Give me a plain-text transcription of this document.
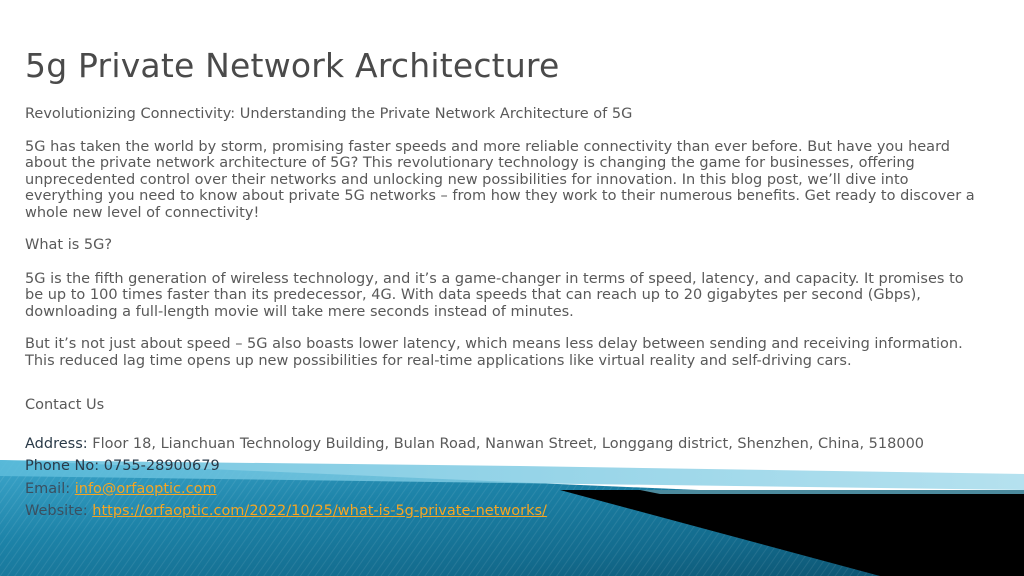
5g Private Network Architecture

Revolutionizing Connectivity: Understanding the Private Network Architecture of 5G

5G has taken the world by storm, promising faster speeds and more reliable connectivity than ever before. But have you heard about the private network architecture of 5G? This revolutionary technology is changing the game for businesses, offering unprecedented control over their networks and unlocking new possibilities for innovation. In this blog post, we’ll dive into everything you need to know about private 5G networks – from how they work to their numerous benefits. Get ready to discover a whole new level of connectivity!

What is 5G?

5G is the fifth generation of wireless technology, and it’s a game-changer in terms of speed, latency, and capacity. It promises to be up to 100 times faster than its predecessor, 4G. With data speeds that can reach up to 20 gigabytes per second (Gbps), downloading a full-length movie will take mere seconds instead of minutes.

But it’s not just about speed – 5G also boasts lower latency, which means less delay between sending and receiving information. This reduced lag time opens up new possibilities for real-time applications like virtual reality and self-driving cars.

Contact Us

Address: Floor 18, Lianchuan Technology Building, Bulan Road, Nanwan Street, Longgang district, Shenzhen, China, 518000

Phone No: 0755-28900679

Email: info@orfaoptic.com

Website: https://orfaoptic.com/2022/10/25/what-is-5g-private-networks/
